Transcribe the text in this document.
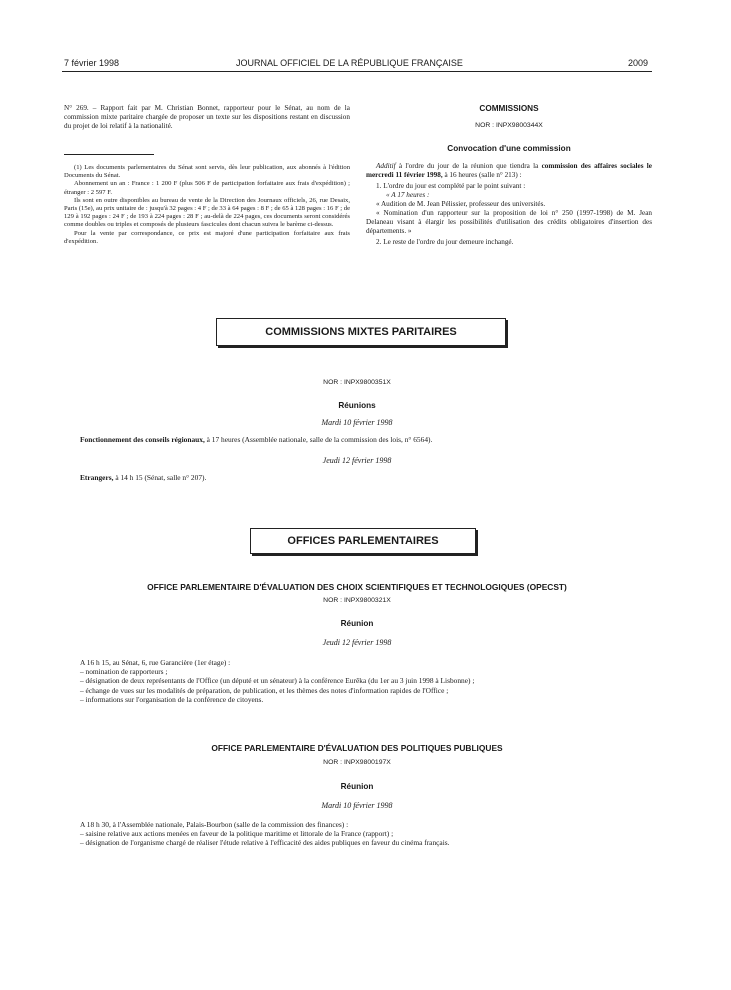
7 février 1998	JOURNAL OFFICIEL DE LA RÉPUBLIQUE FRANÇAISE	2009

N° 269. – Rapport fait par M. Christian Bonnet, rapporteur pour le Sénat, au nom de la commission mixte paritaire chargée de proposer un texte sur les dispositions restant en discussion du projet de loi relatif à la nationalité.

(1) Les documents parlementaires du Sénat sont servis, dès leur publication, aux abonnés à l'édition Documents du Sénat.

Abonnement un an : France : 1 200 F (plus 506 F de participation forfaitaire aux frais d'expédition) ; étranger : 2 597 F.

Ils sont en outre disponibles au bureau de vente de la Direction des Journaux officiels, 26, rue Desaix, Paris (15e), au prix unitaire de : jusqu'à 32 pages : 4 F ; de 33 à 64 pages : 8 F ; de 65 à 128 pages : 16 F ; de 129 à 192 pages : 24 F ; de 193 à 224 pages : 28 F ; au-delà de 224 pages, ces documents seront considérés comme doubles ou triples et composés de plusieurs fascicules dont chacun suivra le barème ci-dessus.

Pour la vente par correspondance, ce prix est majoré d'une participation forfaitaire aux frais d'expédition.

COMMISSIONS
NOR : INPX9800344X
Convocation d'une commission

Additif à l'ordre du jour de la réunion que tiendra la commission des affaires sociales le mercredi 11 février 1998, à 16 heures (salle n° 213) :

1. L'ordre du jour est complété par le point suivant :

« A 17 heures :

« Audition de M. Jean Pélissier, professeur des universités.

« Nomination d'un rapporteur sur la proposition de loi n° 250 (1997-1998) de M. Jean Delaneau visant à élargir les possibilités d'utilisation des crédits obligatoires d'insertion des départements. »

2. Le reste de l'ordre du jour demeure inchangé.

COMMISSIONS MIXTES PARITAIRES
NOR : INPX9800351X
Réunions
Mardi 10 février 1998
Fonctionnement des conseils régionaux, à 17 heures (Assemblée nationale, salle de la commission des lois, n° 6564).
Jeudi 12 février 1998
Etrangers, à 14 h 15 (Sénat, salle n° 207).
OFFICES PARLEMENTAIRES
OFFICE PARLEMENTAIRE D'ÉVALUATION DES CHOIX SCIENTIFIQUES ET TECHNOLOGIQUES (OPECST)
NOR : INPX9800321X
Réunion
Jeudi 12 février 1998

A 16 h 15, au Sénat, 6, rue Garancière (1er étage) :

– nomination de rapporteurs ;

– désignation de deux représentants de l'Office (un député et un sénateur) à la conférence Eurêka (du 1er au 3 juin 1998 à Lisbonne) ;

– échange de vues sur les modalités de préparation, de publication, et les thèmes des notes d'information rapides de l'Office ;

– informations sur l'organisation de la conférence de citoyens.

OFFICE PARLEMENTAIRE D'ÉVALUATION DES POLITIQUES PUBLIQUES
NOR : INPX9800197X
Réunion
Mardi 10 février 1998

A 18 h 30, à l'Assemblée nationale, Palais-Bourbon (salle de la commission des finances) :

– saisine relative aux actions menées en faveur de la politique maritime et littorale de la France (rapport) ;

– désignation de l'organisme chargé de réaliser l'étude relative à l'efficacité des aides publiques en faveur du cinéma français.
